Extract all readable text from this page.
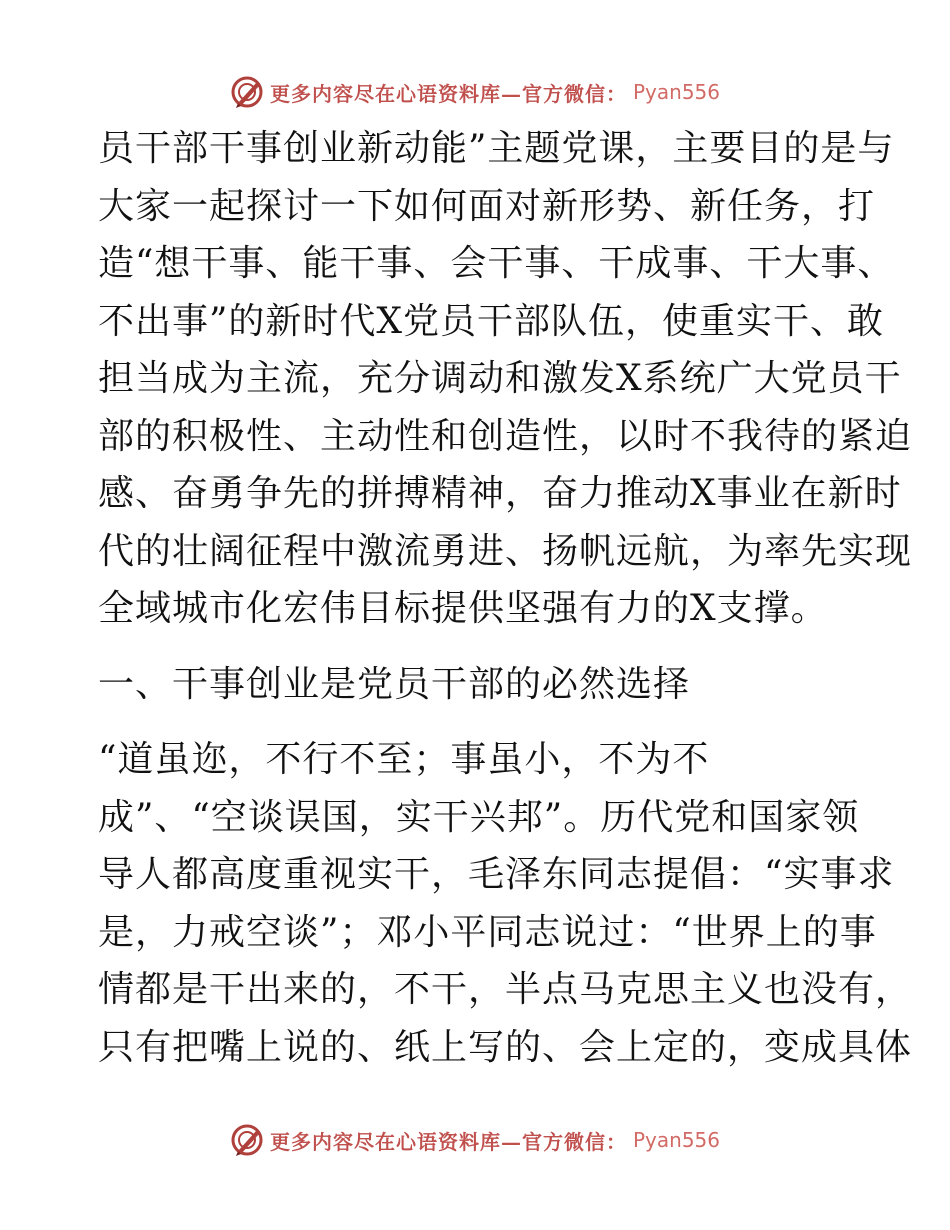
更多内容尽在心语资料库—官方微信： Pyan556
员干部干事创业新动能”主题党课，主要目的是与
大家一起探讨一下如何面对新形势、新任务，打
造“想干事、能干事、会干事、干成事、干大事、
不出事”的新时代X党员干部队伍，使重实干、敢
担当成为主流，充分调动和激发X系统广大党员干
部的积极性、主动性和创造性，以时不我待的紧迫
感、奋勇争先的拼搏精神，奋力推动X事业在新时
代的壮阔征程中激流勇进、扬帆远航，为率先实现
全域城市化宏伟目标提供坚强有力的X支撑。
一、干事创业是党员干部的必然选择
“道虽迩，不行不至；事虽小，不为不
成”、“空谈误国，实干兴邦”。历代党和国家领
导人都高度重视实干，毛泽东同志提倡：“实事求
是，力戒空谈”；邓小平同志说过：“世界上的事
情都是干出来的，不干，半点马克思主义也没有，
只有把嘴上说的、纸上写的、会上定的，变成具体
更多内容尽在心语资料库—官方微信： Pyan556
